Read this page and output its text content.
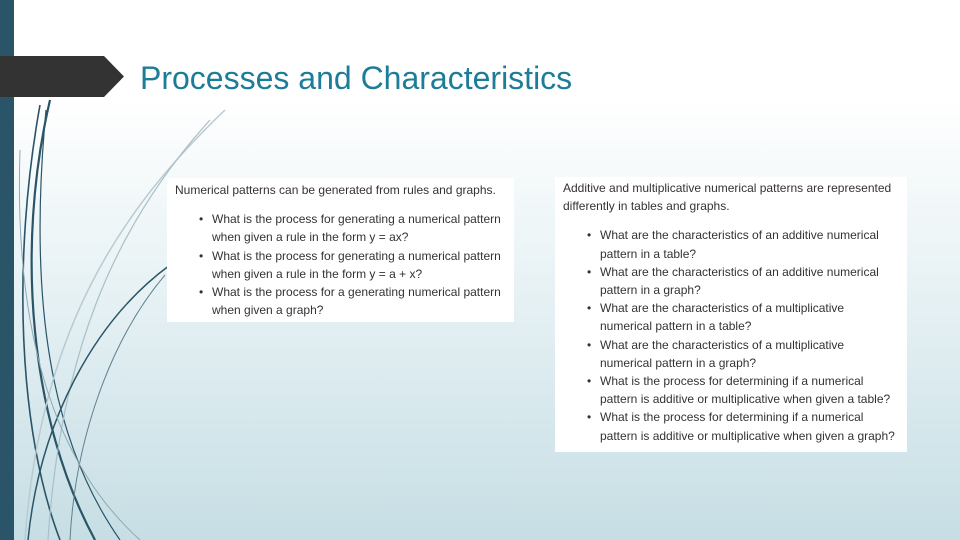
Processes and Characteristics

Numerical patterns can be generated from rules and graphs.

• What is the process for generating a numerical pattern
when given a rule in the form y = ax?
• What is the process for generating a numerical pattern
when given a rule in the form y = a + x?
• What is the process for a generating numerical pattern
when given a graph?

Additive and multiplicative numerical patterns are represented
differently in tables and graphs.

• What are the characteristics of an additive numerical
pattern in a table?
• What are the characteristics of an additive numerical
pattern in a graph?
• What are the characteristics of a multiplicative
numerical pattern in a table?
• What are the characteristics of a multiplicative
numerical pattern in a graph?
• What is the process for determining if a numerical
pattern is additive or multiplicative when given a table?
• What is the process for determining if a numerical
pattern is additive or multiplicative when given a graph?
